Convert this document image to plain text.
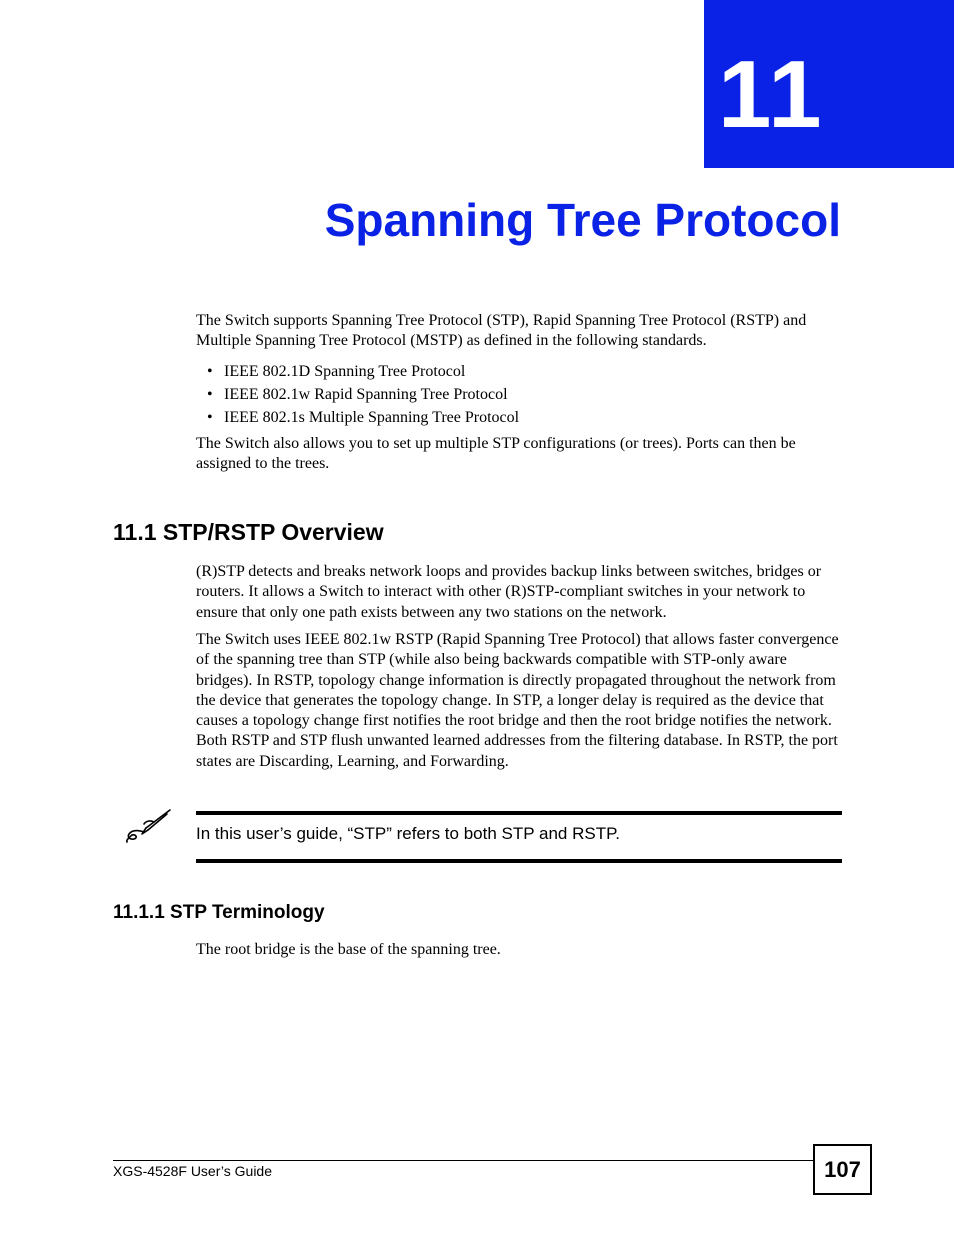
11
Spanning Tree Protocol

The Switch supports Spanning Tree Protocol (STP), Rapid Spanning Tree Protocol (RSTP) and Multiple Spanning Tree Protocol (MSTP) as defined in the following standards.

• IEEE 802.1D Spanning Tree Protocol
• IEEE 802.1w Rapid Spanning Tree Protocol
• IEEE 802.1s Multiple Spanning Tree Protocol

The Switch also allows you to set up multiple STP configurations (or trees). Ports can then be assigned to the trees.

11.1 STP/RSTP Overview

(R)STP detects and breaks network loops and provides backup links between switches, bridges or routers. It allows a Switch to interact with other (R)STP-compliant switches in your network to ensure that only one path exists between any two stations on the network.

The Switch uses IEEE 802.1w RSTP (Rapid Spanning Tree Protocol) that allows faster convergence of the spanning tree than STP (while also being backwards compatible with STP-only aware bridges). In RSTP, topology change information is directly propagated throughout the network from the device that generates the topology change. In STP, a longer delay is required as the device that causes a topology change first notifies the root bridge and then the root bridge notifies the network. Both RSTP and STP flush unwanted learned addresses from the filtering database. In RSTP, the port states are Discarding, Learning, and Forwarding.

In this user’s guide, “STP” refers to both STP and RSTP.
11.1.1 STP Terminology

The root bridge is the base of the spanning tree.

XGS-4528F User’s Guide	107
